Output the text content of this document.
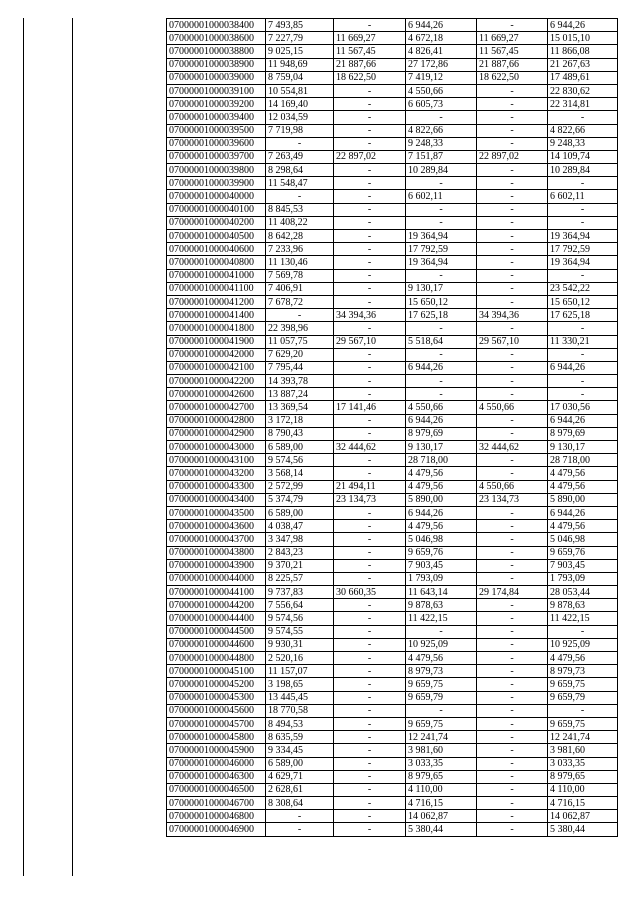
07000001000038400	7 493,85	-	6 944,26	-	6 944,26
07000001000038600	7 227,79	11 669,27	4 672,18	11 669,27	15 015,10
07000001000038800	9 025,15	11 567,45	4 826,41	11 567,45	11 866,08
07000001000038900	11 948,69	21 887,66	27 172,86	21 887,66	21 267,63
07000001000039000	8 759,04	18 622,50	7 419,12	18 622,50	17 489,61
07000001000039100	10 554,81	-	4 550,66	-	22 830,62
07000001000039200	14 169,40	-	6 605,73	-	22 314,81
07000001000039400	12 034,59	-	-	-	-
07000001000039500	7 719,98	-	4 822,66	-	4 822,66
07000001000039600	-	-	9 248,33	-	9 248,33
07000001000039700	7 263,49	22 897,02	7 151,87	22 897,02	14 109,74
07000001000039800	8 298,64	-	10 289,84	-	10 289,84
07000001000039900	11 548,47	-	-	-	-
07000001000040000	-	-	6 602,11	-	6 602,11
07000001000040100	8 845,53	-	-	-	-
07000001000040200	11 408,22	-	-	-	-
07000001000040500	8 642,28	-	19 364,94	-	19 364,94
07000001000040600	7 233,96	-	17 792,59	-	17 792,59
07000001000040800	11 130,46	-	19 364,94	-	19 364,94
07000001000041000	7 569,78	-	-	-	-
07000001000041100	7 406,91	-	9 130,17	-	23 542,22
07000001000041200	7 678,72	-	15 650,12	-	15 650,12
07000001000041400	-	34 394,36	17 625,18	34 394,36	17 625,18
07000001000041800	22 398,96	-	-	-	-
07000001000041900	11 057,75	29 567,10	5 518,64	29 567,10	11 330,21
07000001000042000	7 629,20	-	-	-	-
07000001000042100	7 795,44	-	6 944,26	-	6 944,26
07000001000042200	14 393,78	-	-	-	-
07000001000042600	13 887,24	-	-	-	-
07000001000042700	13 369,54	17 141,46	4 550,66	4 550,66	17 030,56
07000001000042800	3 172,18	-	6 944,26	-	6 944,26
07000001000042900	8 790,43	-	8 979,69	-	8 979,69
07000001000043000	6 589,00	32 444,62	9 130,17	32 444,62	9 130,17
07000001000043100	9 574,56	-	28 718,00	-	28 718,00
07000001000043200	3 568,14	-	4 479,56	-	4 479,56
07000001000043300	2 572,99	21 494,11	4 479,56	4 550,66	4 479,56
07000001000043400	5 374,79	23 134,73	5 890,00	23 134,73	5 890,00
07000001000043500	6 589,00	-	6 944,26	-	6 944,26
07000001000043600	4 038,47	-	4 479,56	-	4 479,56
07000001000043700	3 347,98	-	5 046,98	-	5 046,98
07000001000043800	2 843,23	-	9 659,76	-	9 659,76
07000001000043900	9 370,21	-	7 903,45	-	7 903,45
07000001000044000	8 225,57	-	1 793,09	-	1 793,09
07000001000044100	9 737,83	30 660,35	11 643,14	29 174,84	28 053,44
07000001000044200	7 556,64	-	9 878,63	-	9 878,63
07000001000044400	9 574,56	-	11 422,15	-	11 422,15
07000001000044500	9 574,55	-	-	-	-
07000001000044600	9 930,31	-	10 925,09	-	10 925,09
07000001000044800	2 520,16	-	4 479,56	-	4 479,56
07000001000045100	11 157,07	-	8 979,73	-	8 979,73
07000001000045200	3 198,65	-	9 659,75	-	9 659,75
07000001000045300	13 445,45	-	9 659,79	-	9 659,79
07000001000045600	18 770,58	-	-	-	-
07000001000045700	8 494,53	-	9 659,75	-	9 659,75
07000001000045800	8 635,59	-	12 241,74	-	12 241,74
07000001000045900	9 334,45	-	3 981,60	-	3 981,60
07000001000046000	6 589,00	-	3 033,35	-	3 033,35
07000001000046300	4 629,71	-	8 979,65	-	8 979,65
07000001000046500	2 628,61	-	4 110,00	-	4 110,00
07000001000046700	8 308,64	-	4 716,15	-	4 716,15
07000001000046800	-	-	14 062,87	-	14 062,87
07000001000046900	-	-	5 380,44	-	5 380,44
